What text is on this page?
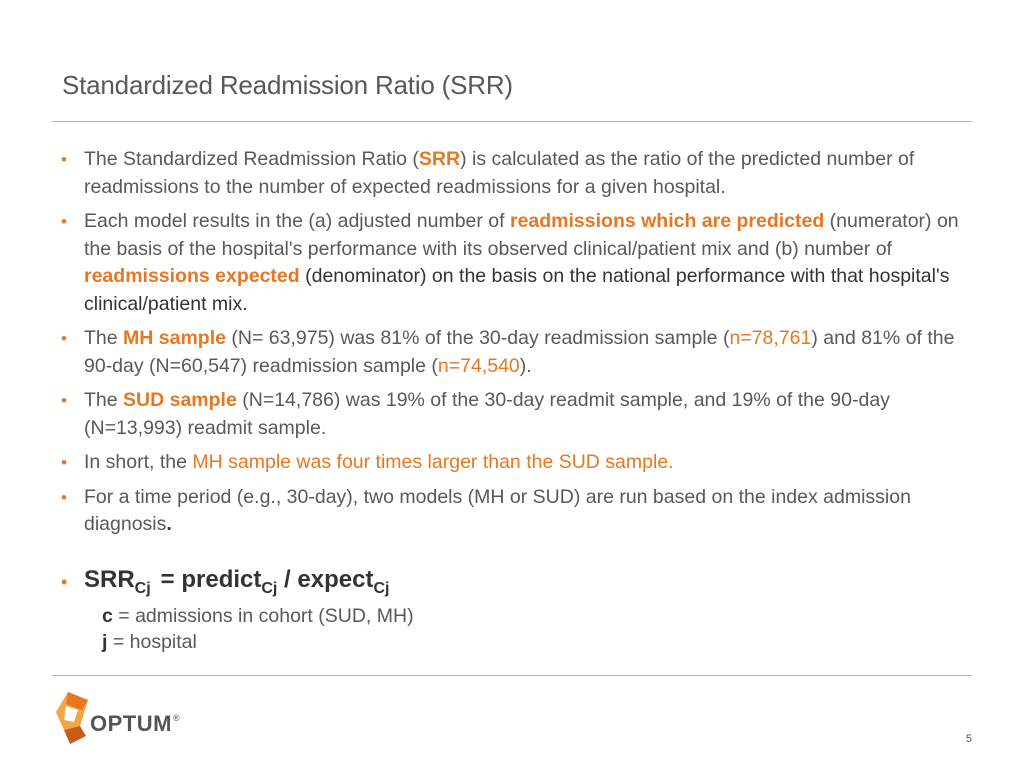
Standardized Readmission Ratio (SRR)
• The Standardized Readmission Ratio (SRR) is calculated as the ratio of the predicted number of readmissions to the number of expected readmissions for a given hospital.
• Each model results in the (a) adjusted number of readmissions which are predicted (numerator) on the basis of the hospital's performance with its observed clinical/patient mix and (b) number of readmissions expected (denominator) on the basis on the national performance with that hospital's clinical/patient mix.
• The MH sample (N= 63,975) was 81% of the 30-day readmission sample (n=78,761) and 81% of the 90-day (N=60,547) readmission sample (n=74,540).
• The SUD sample (N=14,786) was 19% of the 30-day readmit sample, and 19% of the 90-day (N=13,993) readmit sample.
• In short, the MH sample was four times larger than the SUD sample.
• For a time period (e.g., 30-day), two models (MH or SUD) are run based on the index admission diagnosis.
• $SRR_{Cj}$ = predict$_{Cj}$ / expect$_{Cj}$
c = admissions in cohort (SUD, MH)
j = hospital
OPTUM®
5
